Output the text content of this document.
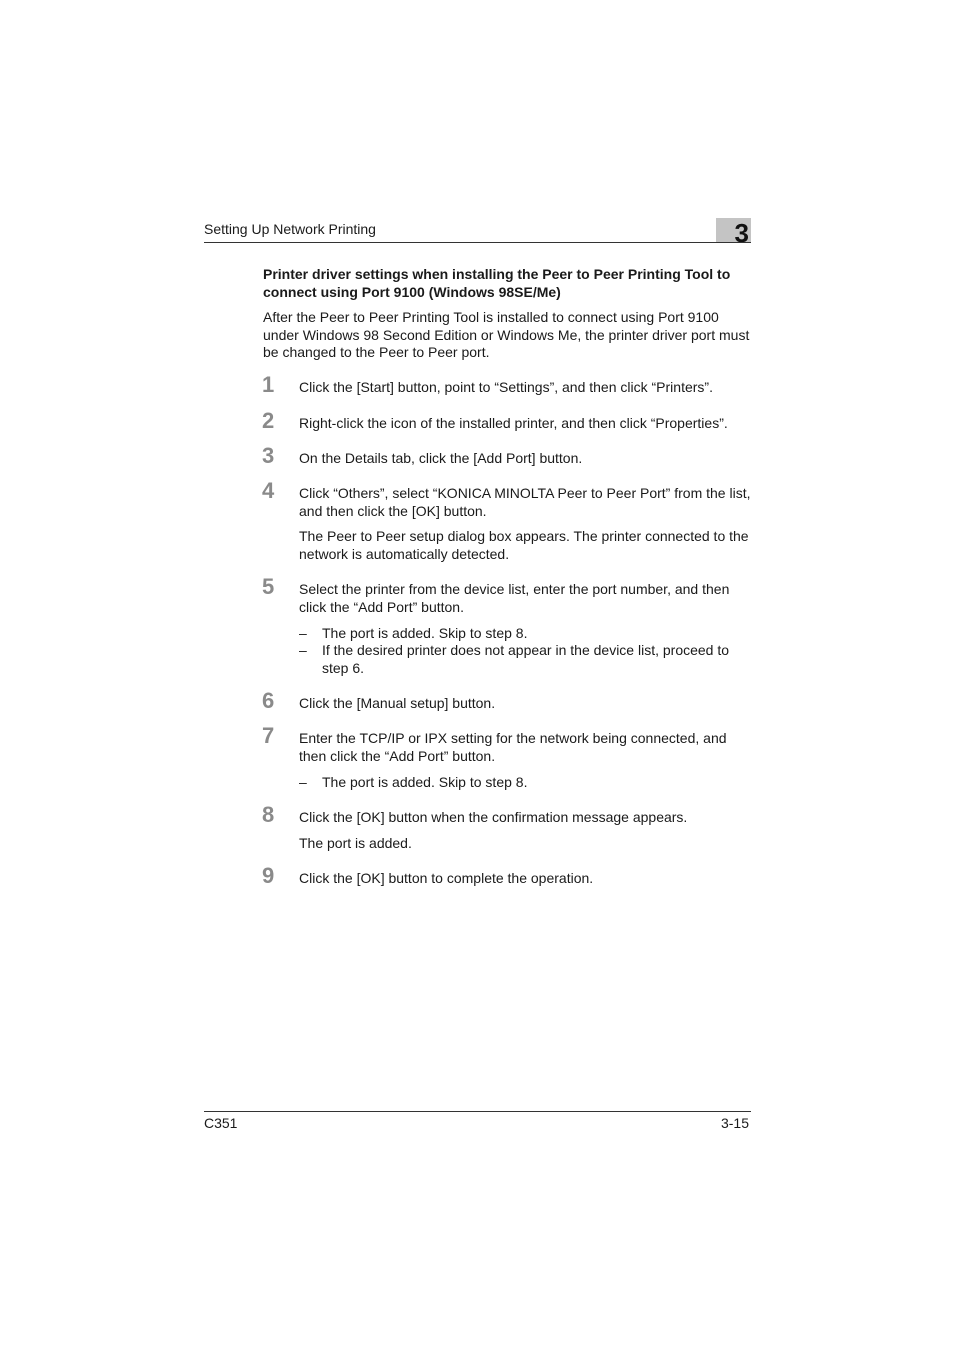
Setting Up Network Printing	3
Printer driver settings when installing the Peer to Peer Printing Tool to connect using Port 9100 (Windows 98SE/Me)

After the Peer to Peer Printing Tool is installed to connect using Port 9100 under Windows 98 Second Edition or Windows Me, the printer driver port must be changed to the Peer to Peer port.

1 Click the [Start] button, point to “Settings”, and then click “Printers”.

2 Right-click the icon of the installed printer, and then click “Properties”.

3 On the Details tab, click the [Add Port] button.

4 Click “Others”, select “KONICA MINOLTA Peer to Peer Port” from the list, and then click the [OK] button.

The Peer to Peer setup dialog box appears. The printer connected to the network is automatically detected.

5 Select the printer from the device list, enter the port number, and then click the “Add Port” button.

– The port is added. Skip to step 8.

– If the desired printer does not appear in the device list, proceed to step 6.

6 Click the [Manual setup] button.

7 Enter the TCP/IP or IPX setting for the network being connected, and then click the “Add Port” button.

– The port is added. Skip to step 8.

8 Click the [OK] button when the confirmation message appears.

The port is added.

9 Click the [OK] button to complete the operation.

C351	3-15
